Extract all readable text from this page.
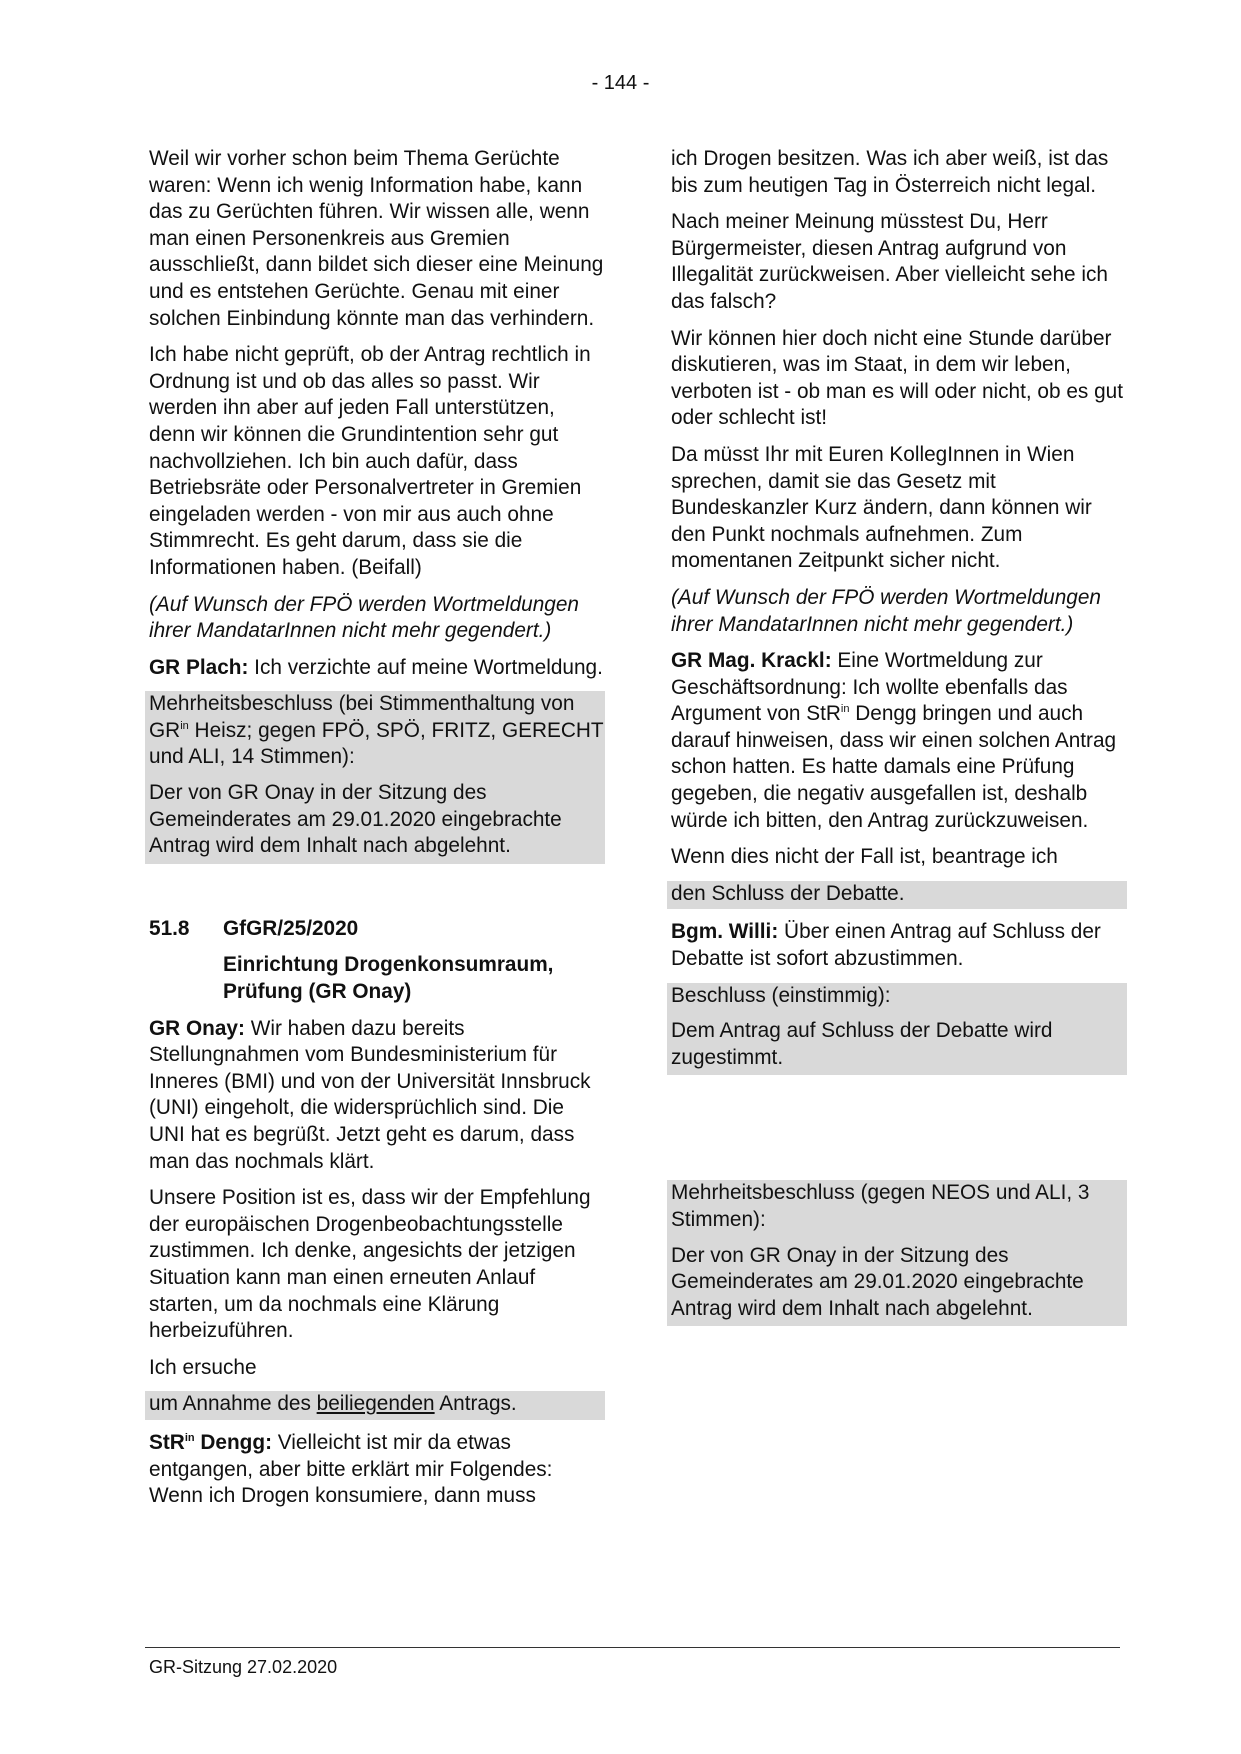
- 144 -

Weil wir vorher schon beim Thema Gerüchte waren: Wenn ich wenig Information habe, kann das zu Gerüchten führen. Wir wissen alle, wenn man einen Personenkreis aus Gremien ausschließt, dann bildet sich dieser eine Meinung und es entstehen Gerüchte. Genau mit einer solchen Einbindung könnte man das verhindern.

Ich habe nicht geprüft, ob der Antrag rechtlich in Ordnung ist und ob das alles so passt. Wir werden ihn aber auf jeden Fall unterstützen, denn wir können die Grundintention sehr gut nachvollziehen. Ich bin auch dafür, dass Betriebsräte oder Personalvertreter in Gremien eingeladen werden - von mir aus auch ohne Stimmrecht. Es geht darum, dass sie die Informationen haben. (Beifall)

(Auf Wunsch der FPÖ werden Wortmeldungen ihrer MandatarInnen nicht mehr gegendert.)

GR Plach: Ich verzichte auf meine Wortmeldung.

Mehrheitsbeschluss (bei Stimmenthaltung von $GR^{in}$ Heisz; gegen FPÖ, SPÖ, FRITZ, GERECHT und ALI, 14 Stimmen):

Der von GR Onay in der Sitzung des Gemeinderates am 29.01.2020 eingebrachte Antrag wird dem Inhalt nach abgelehnt.

51.8 GfGR/25/2020
Einrichtung Drogenkonsumraum, Prüfung (GR Onay)

GR Onay: Wir haben dazu bereits Stellungnahmen vom Bundesministerium für Inneres (BMI) und von der Universität Innsbruck (UNI) eingeholt, die widersprüchlich sind. Die UNI hat es begrüßt. Jetzt geht es darum, dass man das nochmals klärt.

Unsere Position ist es, dass wir der Empfehlung der europäischen Drogenbeobachtungsstelle zustimmen. Ich denke, angesichts der jetzigen Situation kann man einen erneuten Anlauf starten, um da nochmals eine Klärung herbeizuführen.

Ich ersuche

um Annahme des beiliegenden Antrags.

StR$^{in}$ Dengg: Vielleicht ist mir da etwas entgangen, aber bitte erklärt mir Folgendes: Wenn ich Drogen konsumiere, dann muss

ich Drogen besitzen. Was ich aber weiß, ist das bis zum heutigen Tag in Österreich nicht legal.

Nach meiner Meinung müsstest Du, Herr Bürgermeister, diesen Antrag aufgrund von Illegalität zurückweisen. Aber vielleicht sehe ich das falsch?

Wir können hier doch nicht eine Stunde darüber diskutieren, was im Staat, in dem wir leben, verboten ist - ob man es will oder nicht, ob es gut oder schlecht ist!

Da müsst Ihr mit Euren KollegInnen in Wien sprechen, damit sie das Gesetz mit Bundeskanzler Kurz ändern, dann können wir den Punkt nochmals aufnehmen. Zum momentanen Zeitpunkt sicher nicht.

(Auf Wunsch der FPÖ werden Wortmeldungen ihrer MandatarInnen nicht mehr gegendert.)

GR Mag. Krackl: Eine Wortmeldung zur Geschäftsordnung: Ich wollte ebenfalls das Argument von StR$^{in}$ Dengg bringen und auch darauf hinweisen, dass wir einen solchen Antrag schon hatten. Es hatte damals eine Prüfung gegeben, die negativ ausgefallen ist, deshalb würde ich bitten, den Antrag zurückzuweisen.

Wenn dies nicht der Fall ist, beantrage ich

den Schluss der Debatte.

Bgm. Willi: Über einen Antrag auf Schluss der Debatte ist sofort abzustimmen.

Beschluss (einstimmig):

Dem Antrag auf Schluss der Debatte wird zugestimmt.

Mehrheitsbeschluss (gegen NEOS und ALI, 3 Stimmen):

Der von GR Onay in der Sitzung des Gemeinderates am 29.01.2020 eingebrachte Antrag wird dem Inhalt nach abgelehnt.

GR-Sitzung 27.02.2020
